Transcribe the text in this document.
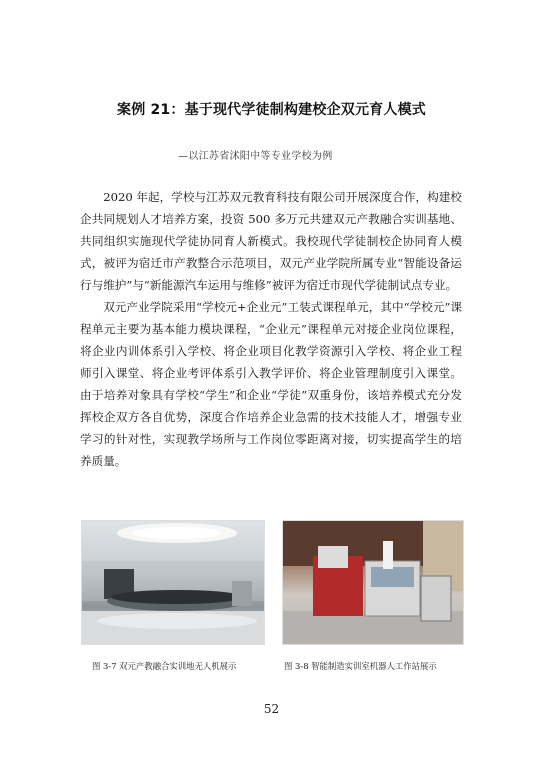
案例 21：基于现代学徒制构建校企双元育人模式
—以江苏省沭阳中等专业学校为例

2020 年起，学校与江苏双元教育科技有限公司开展深度合作，构建校企共同规划人才培养方案，投资 500 多万元共建双元产教融合实训基地、共同组织实施现代学徒协同育人新模式。我校现代学徒制校企协同育人模式，被评为宿迁市产教整合示范项目，双元产业学院所属专业“智能设备运行与维护”与“新能源汽车运用与维修”被评为宿迁市现代学徒制试点专业。

双元产业学院采用“学校元+企业元”工装式课程单元，其中“学校元”课程单元主要为基本能力模块课程，“企业元”课程单元对接企业岗位课程，将企业内训体系引入学校、将企业项目化教学资源引入学校、将企业工程师引入课堂、将企业考评体系引入教学评价、将企业管理制度引入课堂。由于培养对象具有学校“学生”和企业“学徒”双重身份，该培养模式充分发挥校企双方各自优势，深度合作培养企业急需的技术技能人才，增强专业学习的针对性，实现教学场所与工作岗位零距离对接，切实提高学生的培养质量。

图 3-7 双元产教融合实训地无人机展示	图 3-8 智能制造实训室机器人工作站展示
52
